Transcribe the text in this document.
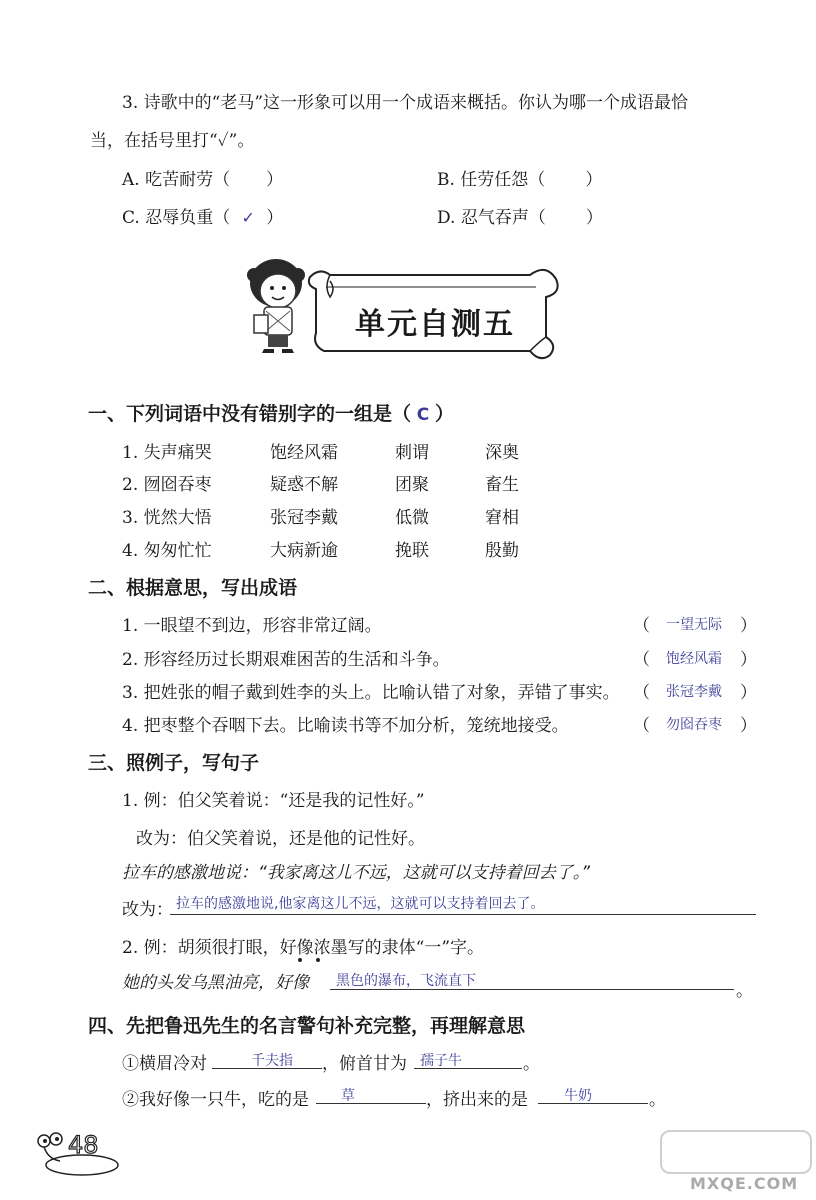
3. 诗歌中的“老马”这一形象可以用一个成语来概括。你认为哪一个成语最恰
当，在括号里打“✓”。
A. 吃苦耐劳（ ）	B. 任劳任怨（ ）
C. 忍辱负重（ ✓ ）	D. 忍气吞声（ ）
单元自测五
一、下列词语中没有错别字的一组是（ C ）
1. 失声痛哭	饱经风霜	刺谓	深奥
2. 囫囵吞枣	疑惑不解	团聚	畜生
3. 恍然大悟	张冠李戴	低微	窘相
4. 匆匆忙忙	大病新逾	挽联	殷勤
二、根据意思，写出成语
1. 一眼望不到边，形容非常辽阔。	（	一望无际	）
2. 形容经历过长期艰难困苦的生活和斗争。	（	饱经风霜	）
3. 把姓张的帽子戴到姓李的头上。比喻认错了对象，弄错了事实。 （	张冠李戴	）
4. 把枣整个吞咽下去。比喻读书等不加分析，笼统地接受。	（	勿囵吞枣	）
三、照例子，写句子
1. 例：伯父笑着说：“还是我的记性好。”
改为：伯父笑着说，还是他的记性好。
拉车的感激地说：“我家离这儿不远，这就可以支持着回去了。”
改为： 拉车的感激地说,他家离这儿不远，这就可以支持着回去了。
2. 例：胡须很打眼，好像浓墨写的隶体“一”字。
她的头发乌黑油亮，好像 黑色的瀑布，飞流直下	。
四、先把鲁迅先生的名言警句补充完整，再理解意思
①横眉冷对	千夫指	，俯首甘为 孺子牛	。
②我好像一只牛，吃的是	草	，挤出来的是	牛奶	。
48
MXQE.COM
